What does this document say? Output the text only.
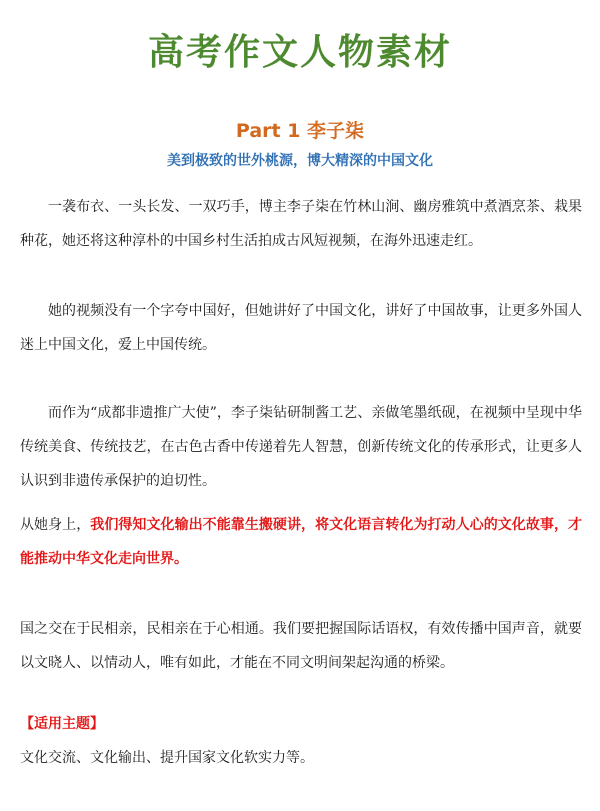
高考作文人物素材
Part 1 李子柒
美到极致的世外桃源，博大精深的中国文化
一袭布衣、一头长发、一双巧手，博主李子柒在竹林山涧、幽房雅筑中煮酒烹茶、栽果种花，她还将这种淳朴的中国乡村生活拍成古风短视频，在海外迅速走红。
她的视频没有一个字夸中国好，但她讲好了中国文化，讲好了中国故事，让更多外国人迷上中国文化，爱上中国传统。
而作为“成都非遗推广大使”，李子柒钻研制酱工艺、亲做笔墨纸砚，在视频中呈现中华传统美食、传统技艺，在古色古香中传递着先人智慧，创新传统文化的传承形式，让更多人认识到非遗传承保护的迫切性。
从她身上，我们得知文化输出不能靠生搬硬讲，将文化语言转化为打动人心的文化故事，才能推动中华文化走向世界。
国之交在于民相亲，民相亲在于心相通。我们要把握国际话语权，有效传播中国声音，就要以文晓人、以情动人，唯有如此，才能在不同文明间架起沟通的桥梁。
【适用主题】
文化交流、文化输出、提升国家文化软实力等。
